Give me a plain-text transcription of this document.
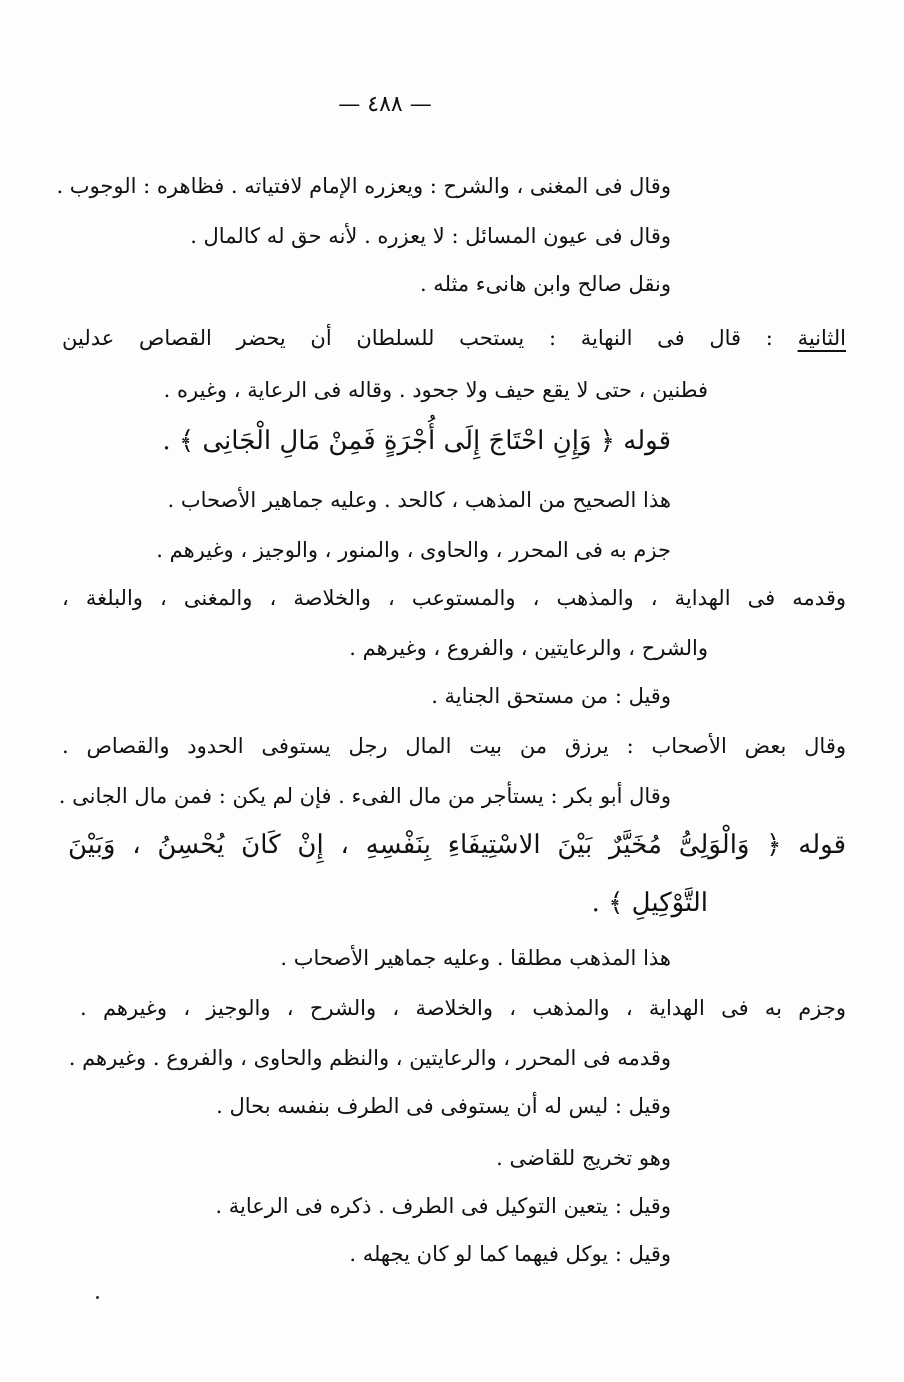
— ٤٨٨ —
وقال فى المغنى ، والشرح : ويعزره الإمام لافتياته . فظاهره : الوجوب .
وقال فى عيون المسائل : لا يعزره . لأنه حق له كالمال .
ونقل صالح وابن هانىء مثله .
الثانية : قال فى النهاية : يستحب للسلطان أن يحضر القصاص عدلين
فطنين ، حتى لا يقع حيف ولا جحود . وقاله فى الرعاية ، وغيره .
قوله ﴿ وَإِنِ احْتَاجَ إِلَى أُجْرَةٍ فَمِنْ مَالِ الْجَانِى ﴾ .
هذا الصحيح من المذهب ، كالحد . وعليه جماهير الأصحاب .
جزم به فى المحرر ، والحاوى ، والمنور ، والوجيز ، وغيرهم .
وقدمه فى الهداية ، والمذهب ، والمستوعب ، والخلاصة ، والمغنى ، والبلغة ،
والشرح ، والرعايتين ، والفروع ، وغيرهم .
وقيل : من مستحق الجناية .
وقال بعض الأصحاب : يرزق من بيت المال رجل يستوفى الحدود والقصاص .
وقال أبو بكر : يستأجر من مال الفىء . فإن لم يكن : فمن مال الجانى .
قوله ﴿ وَالْوَلِىُّ مُخَيَّرٌ بَيْنَ الاسْتِيفَاءِ بِنَفْسِهِ ، إِنْ كَانَ يُحْسِنُ ، وَبَيْنَ
التَّوْكِيلِ ﴾ .
هذا المذهب مطلقا . وعليه جماهير الأصحاب .
وجزم به فى الهداية ، والمذهب ، والخلاصة ، والشرح ، والوجيز ، وغيرهم .
وقدمه فى المحرر ، والرعايتين ، والنظم والحاوى ، والفروع . وغيرهم .
وقيل : ليس له أن يستوفى فى الطرف بنفسه بحال .
وهو تخريج للقاضى .
وقيل : يتعين التوكيل فى الطرف . ذكره فى الرعاية .
وقيل : يوكل فيهما كما لو كان يجهله .
